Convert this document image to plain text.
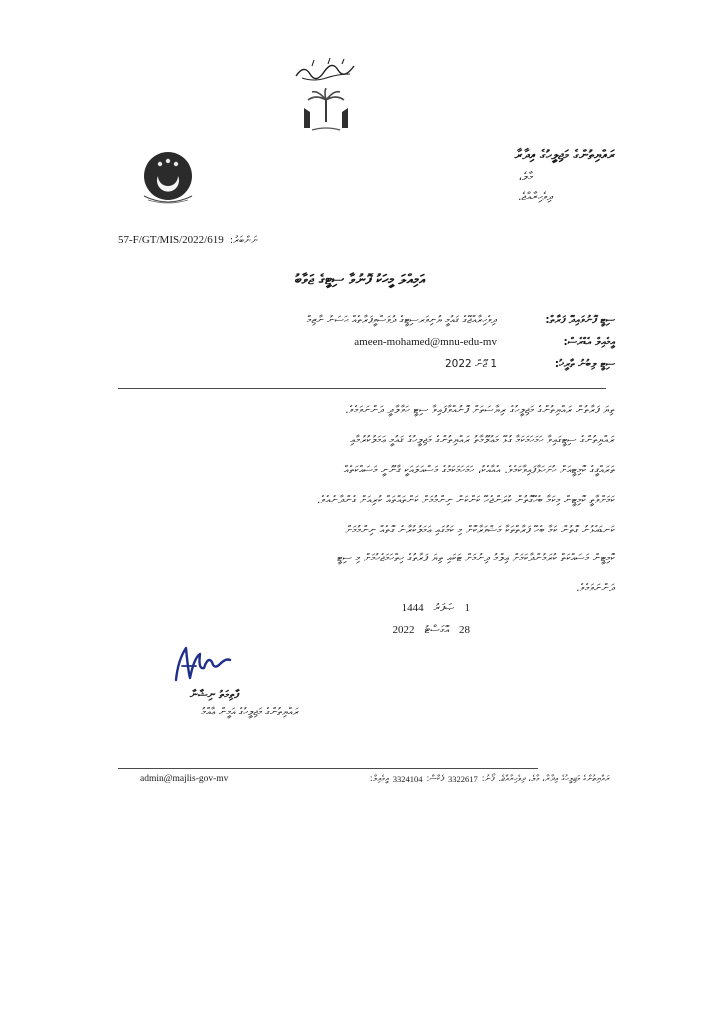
ރައްޔިތުންގެ މަޖިލީހުގެ އިދާރާ
މާލެ،
ދިވެހިރާއްޖެ.
57-F/GT/MIS/2022/619 ނަންބަރު:
އަމިއްލަ މީހަކު ފޮނުވާ ސިޓީގެ ޖަވާބު
ސިޓީ ފޮނުވައިދޭ ފަރާތް:
ދިވެހިރާއްޖޭގެ ޤައުމީ ޔުނިވަރސިޓީގެ ދުވަސްވީފަރާތެއް ޙަސަނު ނާޒިމް
އީމެއިލް އެޑްރެސް:
ameen-mohamed@mnu-edu-mv
ސިޓީ ލިބުނު ތާރީޚު:
1 ޖޫން 2022
ތިޔަ ފަރާތުން ރައްޔިތުންގެ މަޖިލީހުގެ ރިޔާސަތަށް ފޮނުއްވާފައިވާ ސިޓީ ހަވާލާދީ ދަންނަވަމެވެ.
ރައްޔިތުންގެ ސިޓީގައިވާ ހަމަހަމަކަމާ ގުޅޭ މަޢުލޫމާތު ރައްޔިތުންގެ މަޖިލީހުގެ ޤައުމީ ޢަމަލުކުރުމާއި
ތަރައްޤީގެ ކޮމިޓީއަށް ހުށަހަޅާފައިވާކަމެވެ. އެއާއެކު، ހަމަހަމަކަމުގެ މަސްއަލައަކީ ޤާނޫނީ މަސައްކަތެއް
ކަމަށްވާތީ ކޮމިޓީން މިކަމާ ބެހޭގޮތުން ކުރަންޖެހޭ ކަންކަން ނިންމުމަށް ކަންތައްތައް ކުރިއަށް ގެންދާނެއެވެ.
ކަނޑައެޅުނު ގޮތުން ކަމާ ބެހޭ ފަރާތްތަކާ މަޝްވަރާކޮށް މި ކަމުގައި ޢަމަލުކުރާނެ ގޮތެއް ނިންމުމަށް
ކޮމިޓީން މަސައްކަތް ކުރަމުންދާކަމަށް ޢިލްމު ދިނުމަށް ޓަކައި ތިޔަ ފަރާތުގެ ހިތްހަމަޖެހުމަށް މި ސިޓީ
ދަންނަވަމެވެ.
1444 ޞަފަރު 1
2022 އޮގަސްޓު 28
ފާތިމަތު ނިޝާނާ
ރައްޔިތުންގެ މަޖިލީހުގެ އަމީން ޢާއްމު
admin@majlis-gov-mv	އީމެއިލް: 3324104 ފެކްސް: 3322617 ފޯނު: ރައްޔިތުންގެ މަޖިލީހުގެ އިދާރާ، މާލެ، ދިވެހިރާއްޖެ.
